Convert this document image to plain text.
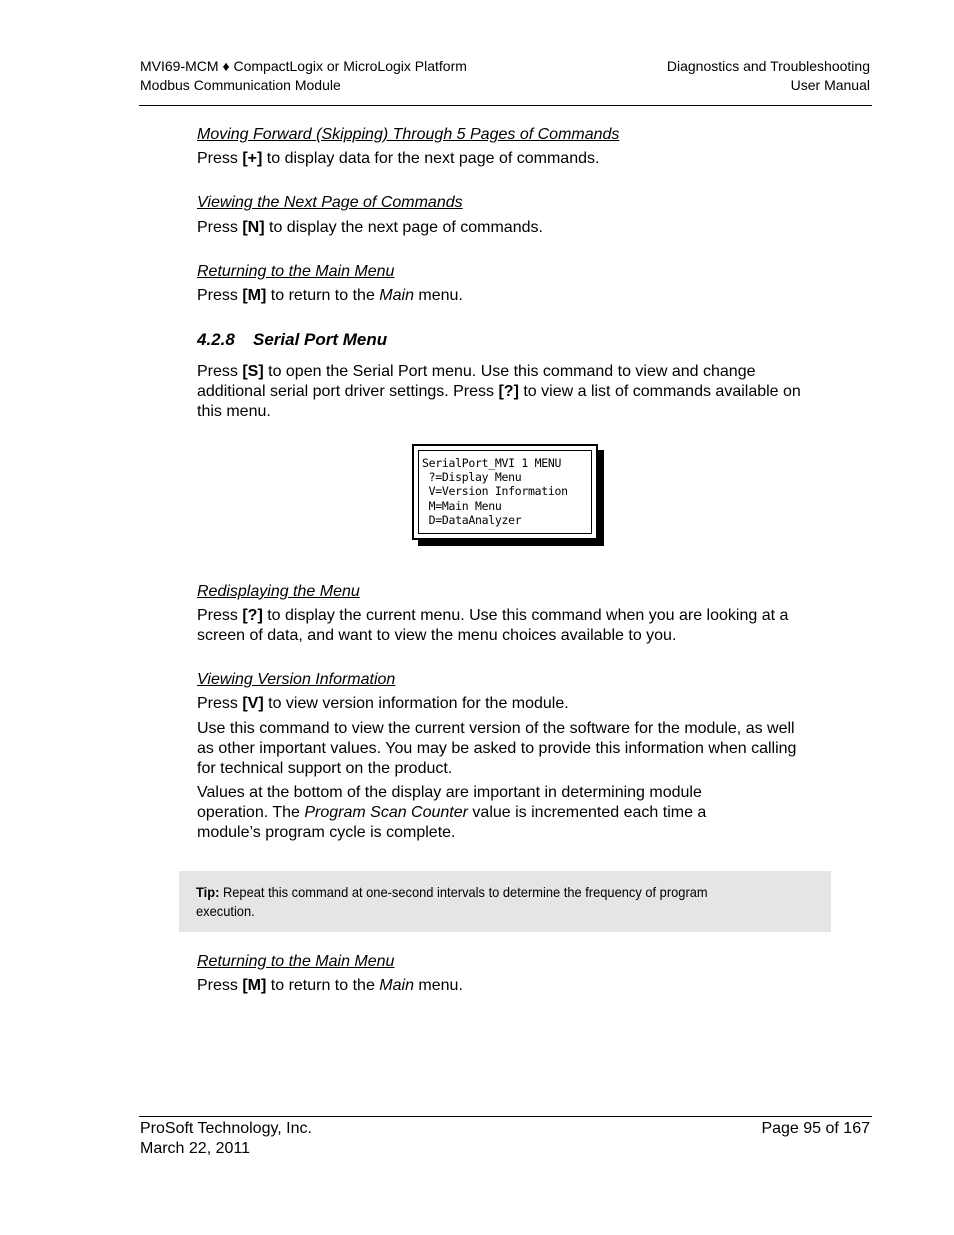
MVI69-MCM ♦ CompactLogix or MicroLogix Platform
Modbus Communication Module
Diagnostics and Troubleshooting
User Manual

Moving Forward (Skipping) Through 5 Pages of Commands

Press [+] to display data for the next page of commands.

Viewing the Next Page of Commands

Press [N] to display the next page of commands.

Returning to the Main Menu

Press [M] to return to the Main menu.

4.2.8 Serial Port Menu

Press [S] to open the Serial Port menu. Use this command to view and change additional serial port driver settings. Press [?] to view a list of commands available on this menu.

SerialPort_MVI 1 MENU
?=Display Menu
V=Version Information
M=Main Menu
D=DataAnalyzer

Redisplaying the Menu

Press [?] to display the current menu. Use this command when you are looking at a screen of data, and want to view the menu choices available to you.

Viewing Version Information

Press [V] to view version information for the module.

Use this command to view the current version of the software for the module, as well as other important values. You may be asked to provide this information when calling for technical support on the product.

Values at the bottom of the display are important in determining module operation. The Program Scan Counter value is incremented each time a module’s program cycle is complete.

Tip: Repeat this command at one-second intervals to determine the frequency of program execution.

Returning to the Main Menu

Press [M] to return to the Main menu.

ProSoft Technology, Inc.
March 22, 2011
Page 95 of 167
